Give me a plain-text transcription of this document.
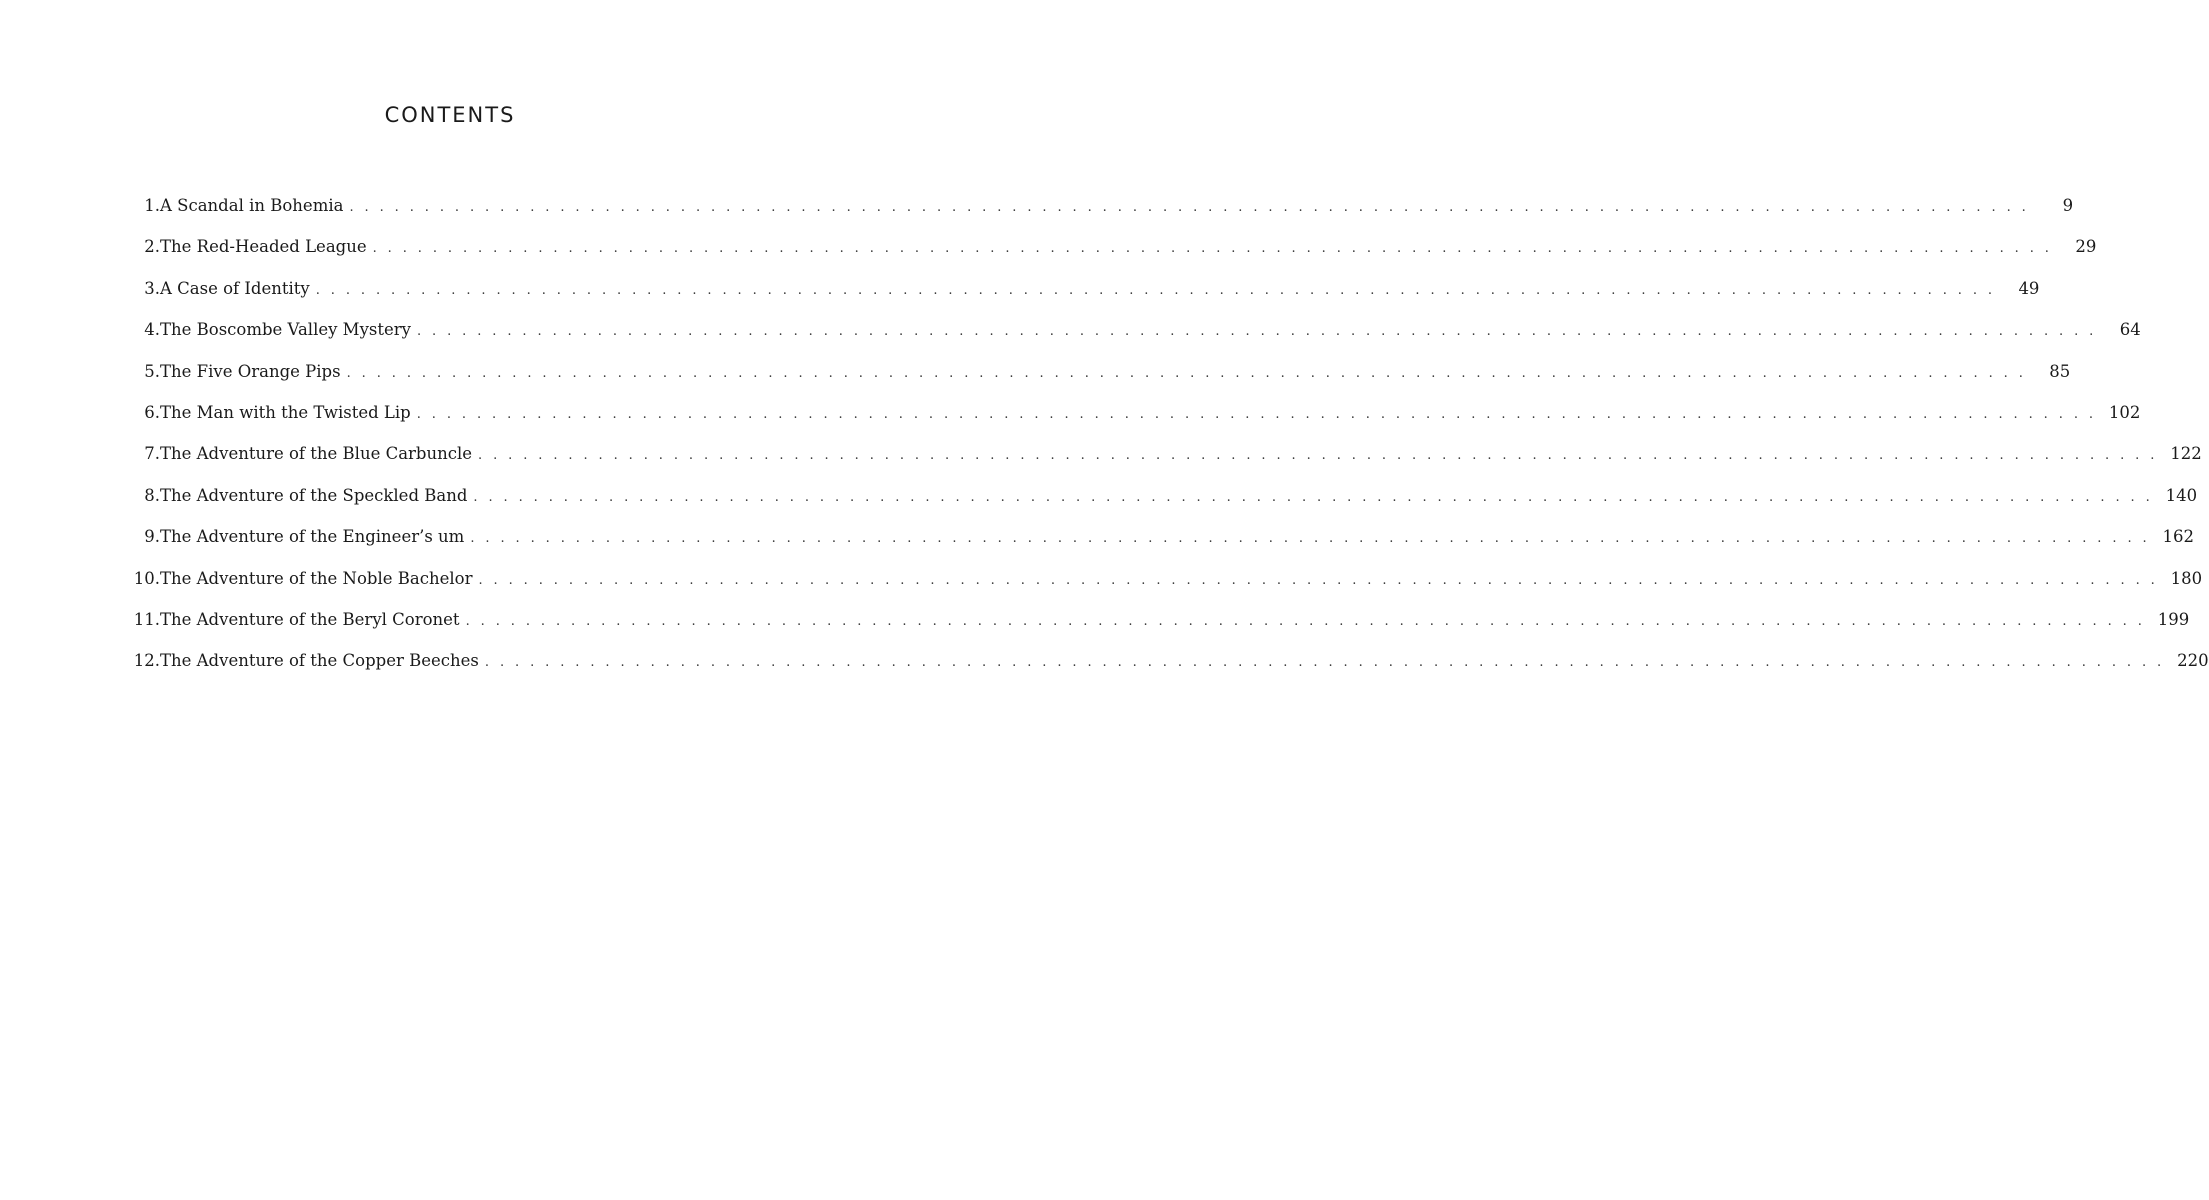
CONTENTS
1. A Scandal in Bohemia . . . . . . . . . . . . . . . . . . . . . . . . . . . . . . . . . . . . . . . . . . . . . . . . . . . . . . . . . . . . . . . . . . . . . . . . . . . . . . . . . . . . . . . . . . . . . . . . . . . . . . . . . . . . . . . .	9
2. The Red-Headed League . . . . . . . . . . . . . . . . . . . . . . . . . . . . . . . . . . . . . . . . . . . . . . . . . . . . . . . . . . . . . . . . . . . . . . . . . . . . . . . . . . . . . . . . . . . . . . . . . . . . . . . . . . . . . . . .	29
3. A Case of Identity . . . . . . . . . . . . . . . . . . . . . . . . . . . . . . . . . . . . . . . . . . . . . . . . . . . . . . . . . . . . . . . . . . . . . . . . . . . . . . . . . . . . . . . . . . . . . . . . . . . . . . . . . . . . . . . .	49
4. The Boscombe Valley Mystery . . . . . . . . . . . . . . . . . . . . . . . . . . . . . . . . . . . . . . . . . . . . . . . . . . . . . . . . . . . . . . . . . . . . . . . . . . . . . . . . . . . . . . . . . . . . . . . . . . . . . . . . . . . . . . . .	64
5. The Five Orange Pips . . . . . . . . . . . . . . . . . . . . . . . . . . . . . . . . . . . . . . . . . . . . . . . . . . . . . . . . . . . . . . . . . . . . . . . . . . . . . . . . . . . . . . . . . . . . . . . . . . . . . . . . . . . . . . . .	85
6. The Man with the Twisted Lip . . . . . . . . . . . . . . . . . . . . . . . . . . . . . . . . . . . . . . . . . . . . . . . . . . . . . . . . . . . . . . . . . . . . . . . . . . . . . . . . . . . . . . . . . . . . . . . . . . . . . . . . . . . . . . . . 102
7. The Adventure of the Blue Carbuncle . . . . . . . . . . . . . . . . . . . . . . . . . . . . . . . . . . . . . . . . . . . . . . . . . . . . . . . . . . . . . . . . . . . . . . . . . . . . . . . . . . . . . . . . . . . . . . . . . . . . . . . . . . . . . . . . 122
8. The Adventure of the Speckled Band . . . . . . . . . . . . . . . . . . . . . . . . . . . . . . . . . . . . . . . . . . . . . . . . . . . . . . . . . . . . . . . . . . . . . . . . . . . . . . . . . . . . . . . . . . . . . . . . . . . . . . . . . . . . . . . . 140
9. The Adventure of the Engineer’s um . . . . . . . . . . . . . . . . . . . . . . . . . . . . . . . . . . . . . . . . . . . . . . . . . . . . . . . . . . . . . . . . . . . . . . . . . . . . . . . . . . . . . . . . . . . . . . . . . . . . . . . . . . . . . . . . 162
10. The Adventure of the Noble Bachelor . . . . . . . . . . . . . . . . . . . . . . . . . . . . . . . . . . . . . . . . . . . . . . . . . . . . . . . . . . . . . . . . . . . . . . . . . . . . . . . . . . . . . . . . . . . . . . . . . . . . . . . . . . . . . . . . 180
11. The Adventure of the Beryl Coronet . . . . . . . . . . . . . . . . . . . . . . . . . . . . . . . . . . . . . . . . . . . . . . . . . . . . . . . . . . . . . . . . . . . . . . . . . . . . . . . . . . . . . . . . . . . . . . . . . . . . . . . . . . . . . . . . 199
12. The Adventure of the Copper Beeches . . . . . . . . . . . . . . . . . . . . . . . . . . . . . . . . . . . . . . . . . . . . . . . . . . . . . . . . . . . . . . . . . . . . . . . . . . . . . . . . . . . . . . . . . . . . . . . . . . . . . . . . . . . . . . . . 220
